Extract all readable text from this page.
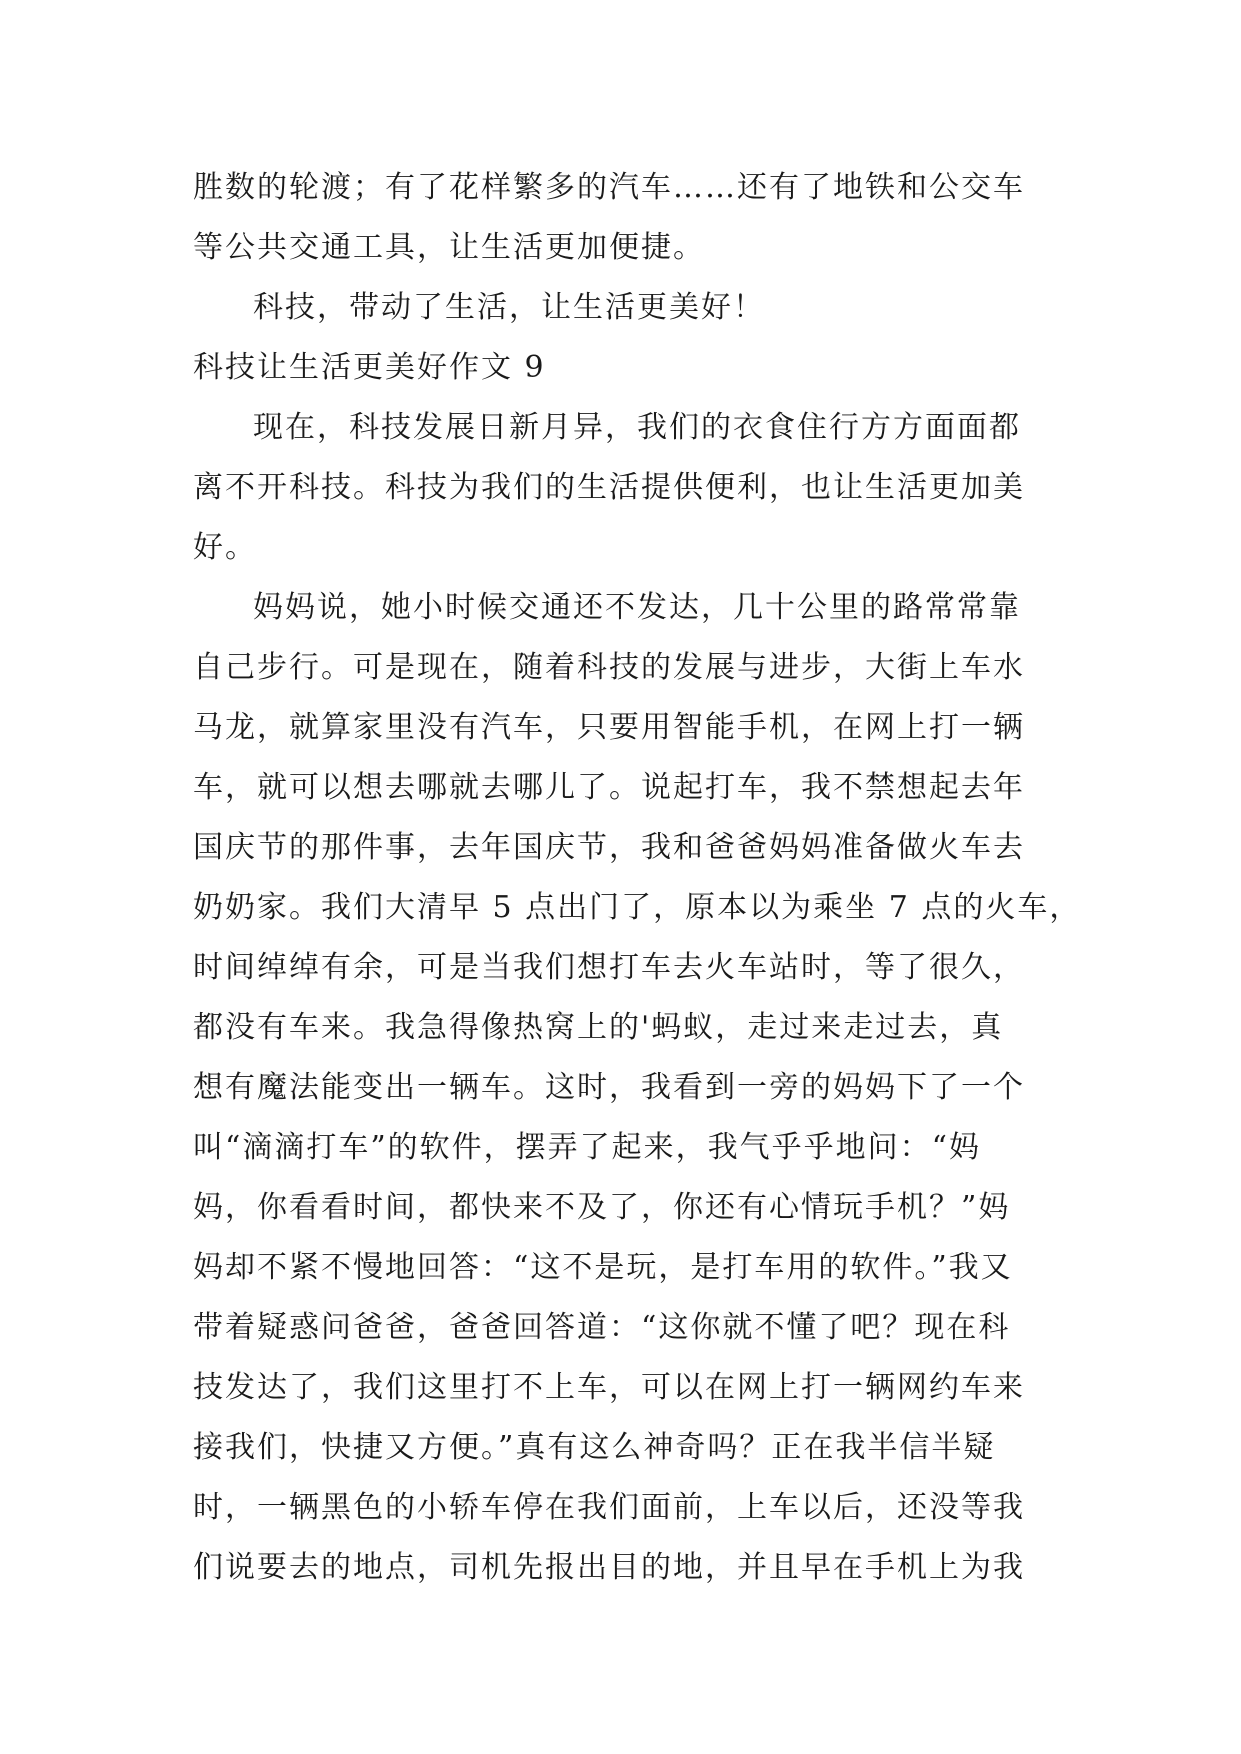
胜数的轮渡；有了花样繁多的汽车……还有了地铁和公交车
等公共交通工具，让生活更加便捷。

科技，带动了生活，让生活更美好！

科技让生活更美好作文 9

现在，科技发展日新月异，我们的衣食住行方方面面都
离不开科技。科技为我们的生活提供便利，也让生活更加美
好。

妈妈说，她小时候交通还不发达，几十公里的路常常靠
自己步行。可是现在，随着科技的发展与进步，大街上车水
马龙，就算家里没有汽车，只要用智能手机，在网上打一辆
车，就可以想去哪就去哪儿了。说起打车，我不禁想起去年
国庆节的那件事，去年国庆节，我和爸爸妈妈准备做火车去
奶奶家。我们大清早 5 点出门了，原本以为乘坐 7 点的火车，
时间绰绰有余，可是当我们想打车去火车站时，等了很久，
都没有车来。我急得像热窝上的'蚂蚁，走过来走过去，真
想有魔法能变出一辆车。这时，我看到一旁的妈妈下了一个
叫“滴滴打车”的软件，摆弄了起来，我气乎乎地问：“妈
妈，你看看时间，都快来不及了，你还有心情玩手机？”妈
妈却不紧不慢地回答：“这不是玩，是打车用的软件。”我又
带着疑惑问爸爸，爸爸回答道：“这你就不懂了吧？现在科
技发达了，我们这里打不上车，可以在网上打一辆网约车来
接我们，快捷又方便。”真有这么神奇吗？正在我半信半疑
时，一辆黑色的小轿车停在我们面前，上车以后，还没等我
们说要去的地点，司机先报出目的地，并且早在手机上为我
